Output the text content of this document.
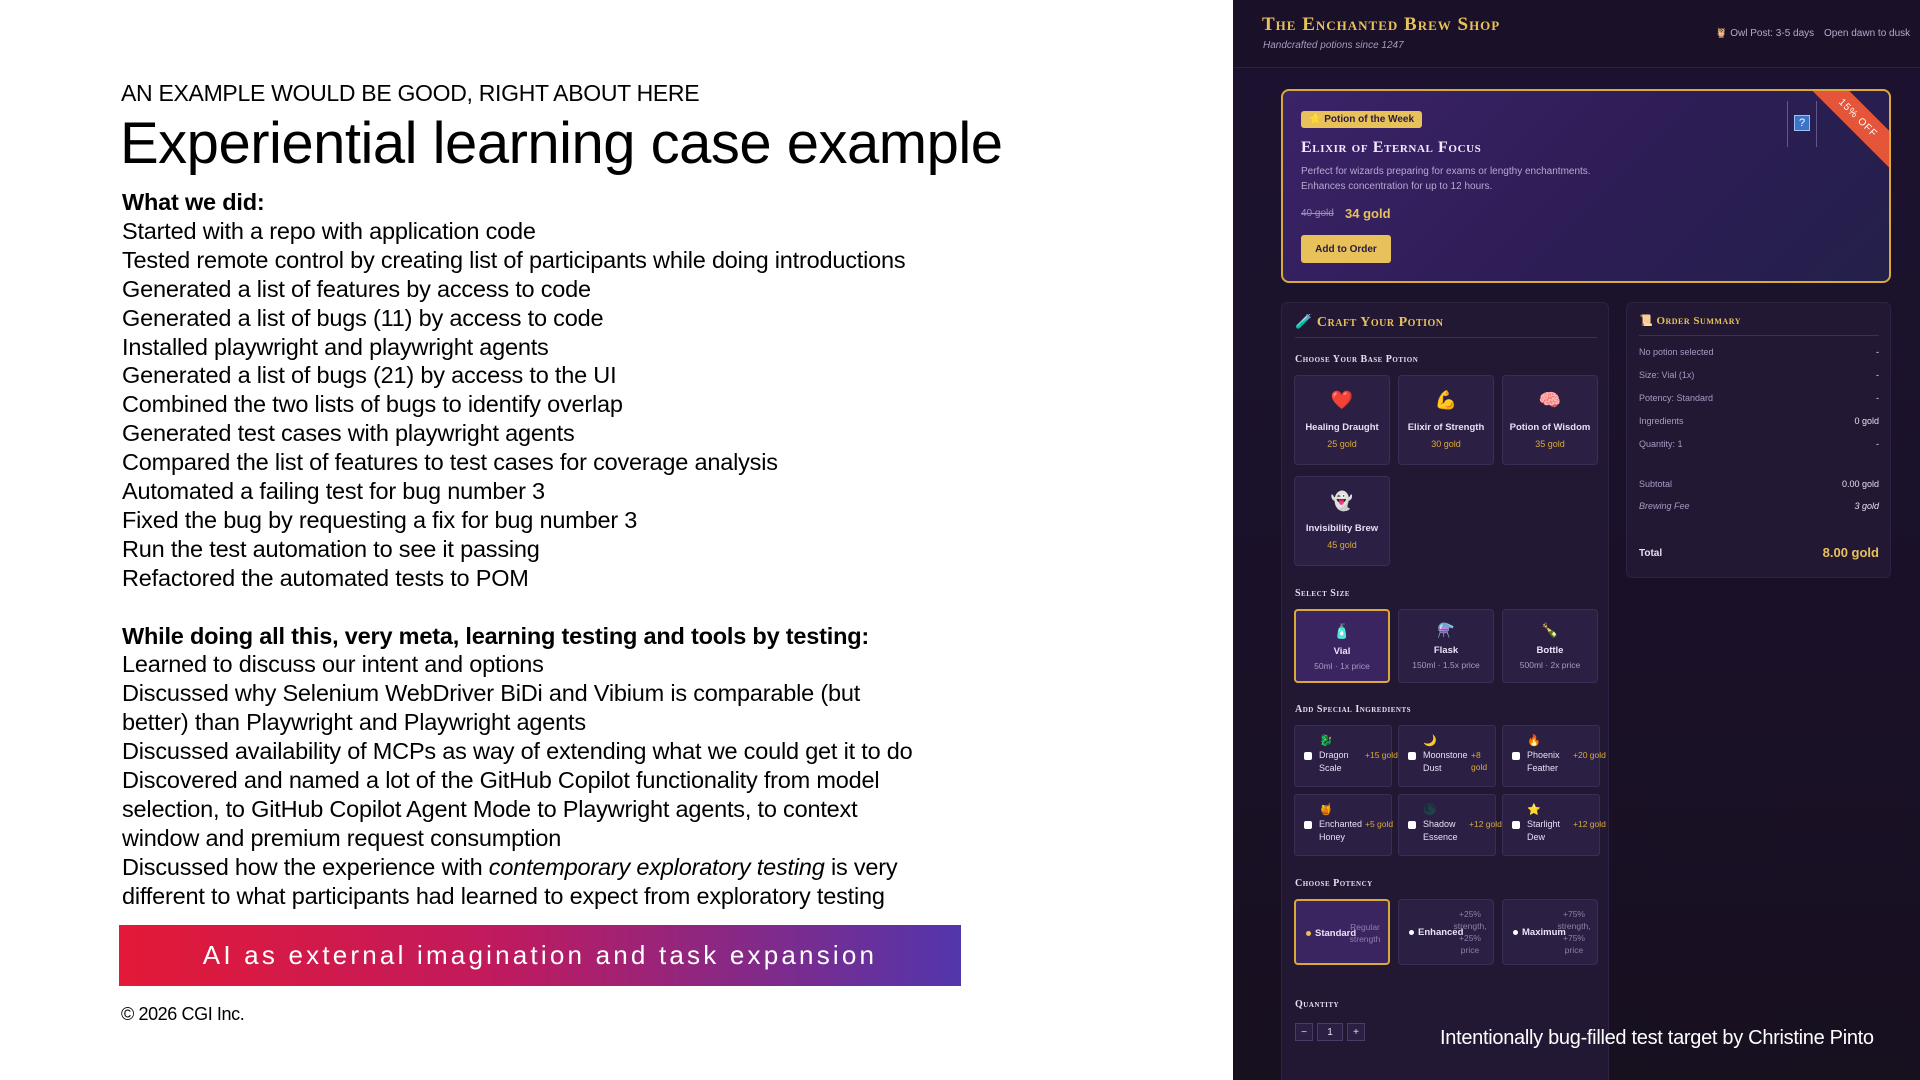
AN EXAMPLE WOULD BE GOOD, RIGHT ABOUT HERE
Experiential learning case example
What we did:
Started with a repo with application code
Tested remote control by creating list of participants while doing introductions
Generated a list of features by access to code
Generated a list of bugs (11) by access to code
Installed playwright and playwright agents
Generated a list of bugs (21) by access to the UI
Combined the two lists of bugs to identify overlap
Generated test cases with playwright agents
Compared the list of features to test cases for coverage analysis
Automated a failing test for bug number 3
Fixed the bug by requesting a fix for bug number 3
Run the test automation to see it passing
Refactored the automated tests to POM
While doing all this, very meta, learning testing and tools by testing:
Learned to discuss our intent and options
Discussed why Selenium WebDriver BiDi and Vibium is comparable (but
better) than Playwright and Playwright agents
Discussed availability of MCPs as way of extending what we could get it to do
Discovered and named a lot of the GitHub Copilot functionality from model
selection, to GitHub Copilot Agent Mode to Playwright agents, to context
window and premium request consumption
Discussed how the experience with contemporary exploratory testing is very
different to what participants had learned to expect from exploratory testing
AI as external imagination and task expansion
© 2026 CGI Inc.
The Enchanted Brew Shop
Handcrafted potions since 1247
🦉 Owl Post: 3-5 days Open dawn to dusk
⭐ Potion of the Week	15% OFF
?
Elixir of Eternal Focus
Perfect for wizards preparing for exams or lengthy enchantments.
Enhances concentration for up to 12 hours.
40 gold 34 gold
Add to Order
🧪 Craft Your Potion
Choose Your Base Potion
❤️
Healing Draught
25 gold
💪
Elixir of Strength
30 gold
🧠
Potion of Wisdom
35 gold
👻
Invisibility Brew
45 gold
Select Size
🧴
Vial
50ml · 1x price
⚗️
Flask
150ml · 1.5x price
🍾
Bottle
500ml · 2x price
Add Special Ingredients
🐉
Dragon Scale
+15 gold
🌙
Moonstone Dust
+8 gold
🔥
Phoenix Feather
+20 gold
🍯
Enchanted Honey
+5 gold
🌑
Shadow Essence
+12 gold
⭐
Starlight Dew
+12 gold
Choose Potency
Standard
Regular strength
Enhanced
+25% strength, +25% price
Maximum
+75% strength, +75% price
Quantity
−	1	+
📜 Order Summary
No potion selected	-
Size: Vial (1x)	-
Potency: Standard	-
Ingredients	0 gold
Quantity: 1	-
Subtotal	0.00 gold
Brewing Fee	3 gold
Total	8.00 gold
Intentionally bug-filled test target by Christine Pinto
